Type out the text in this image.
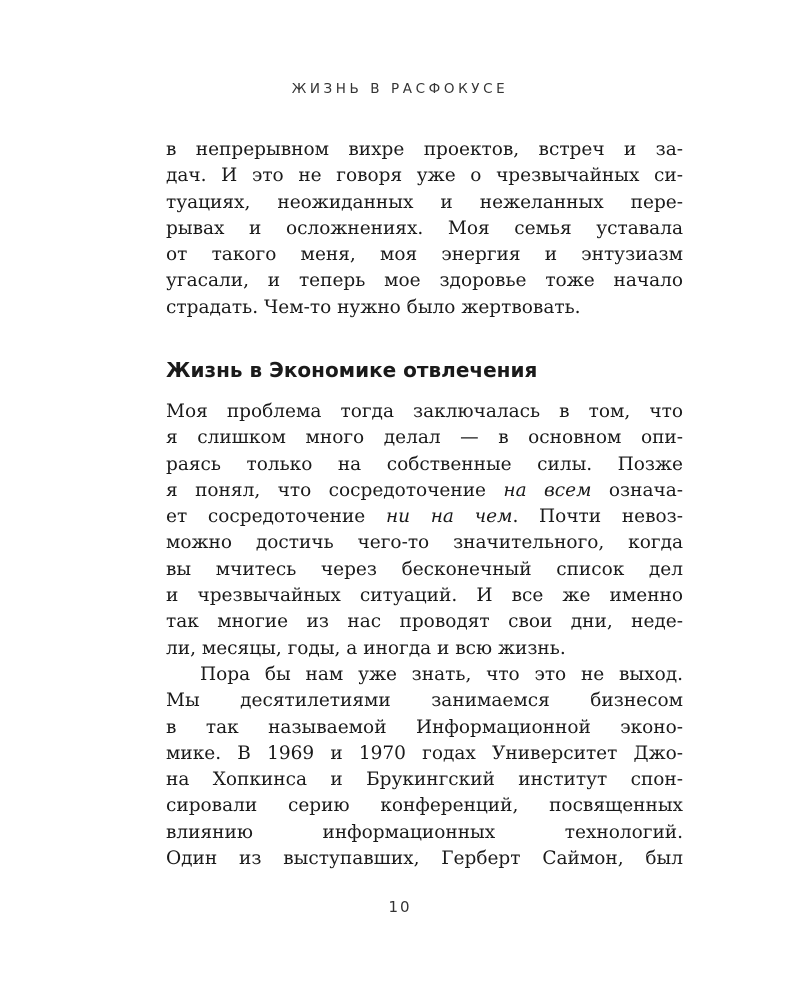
ЖИЗНЬ В РАСФОКУСЕ
в непрерывном вихре проектов, встреч и за-
дач. И это не говоря уже о чрезвычайных си-
туациях, неожиданных и нежеланных пере-
рывах и осложнениях. Моя семья уставала
от такого меня, моя энергия и энтузиазм
угасали, и теперь мое здоровье тоже начало
страдать. Чем-то нужно было жертвовать.
Жизнь в Экономике отвлечения
Моя проблема тогда заключалась в том, что
я слишком много делал — в основном опи-
раясь только на собственные силы. Позже
я понял, что сосредоточение на всем означа-
ет сосредоточение ни на чем. Почти невоз-
можно достичь чего-то значительного, когда
вы мчитесь через бесконечный список дел
и чрезвычайных ситуаций. И все же именно
так многие из нас проводят свои дни, неде-
ли, месяцы, годы, а иногда и всю жизнь.
Пора бы нам уже знать, что это не выход.
Мы десятилетиями занимаемся бизнесом
в так называемой Информационной эконо-
мике. В 1969 и 1970 годах Университет Джо-
на Хопкинса и Брукингский институт спон-
сировали серию конференций, посвященных
влиянию информационных технологий.
Один из выступавших, Герберт Саймон, был
10
